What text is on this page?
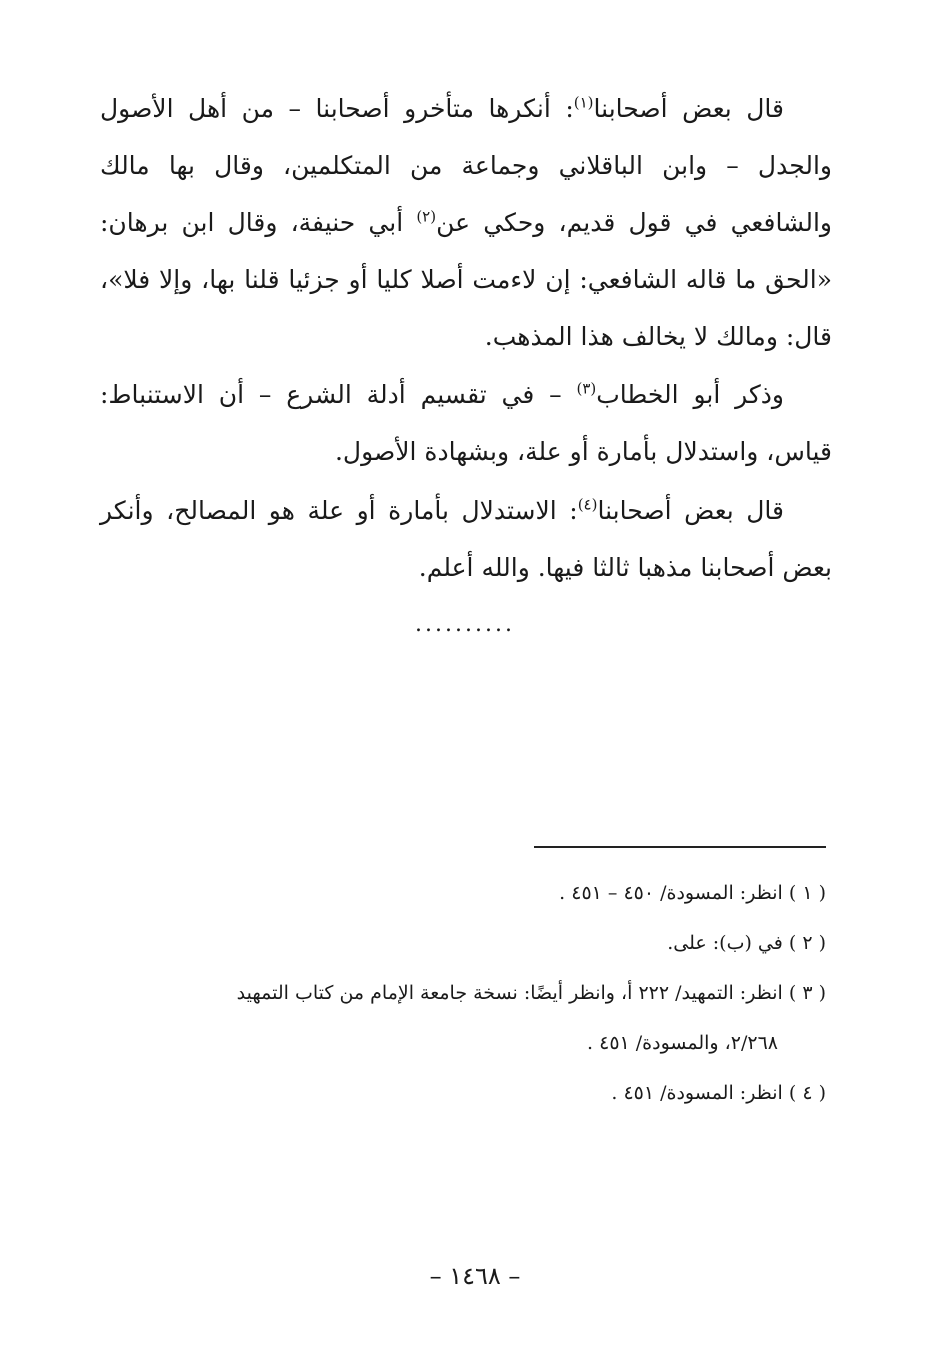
قال بعض أصحابنا$^{(١)}$: أنكرها متأخرو أصحابنا – من أهل الأصول والجدل – وابن الباقلاني وجماعة من المتكلمين، وقال بها مالك والشافعي في قول قديم، وحكي عن$^{(٢)}$ أبي حنيفة، وقال ابن برهان: «الحق ما قاله الشافعي: إن لاءمت أصلا كليا أو جزئيا قلنا بها، وإلا فلا»، قال: ومالك لا يخالف هذا المذهب.

وذكر أبو الخطاب$^{(٣)}$ – في تقسيم أدلة الشرع – أن الاستنباط: قياس، واستدلال بأمارة أو علة، وبشهادة الأصول.

قال بعض أصحابنا$^{(٤)}$: الاستدلال بأمارة أو علة هو المصالح، وأنكر بعض أصحابنا مذهبا ثالثا فيها. والله أعلم.

..........

( ١ ) انظر: المسودة/ ٤٥٠ – ٤٥١ .

( ٢ ) في (ب): على.

( ٣ ) انظر: التمهيد/ ٢٢٢ أ، وانظر أيضًا: نسخة جامعة الإمام من كتاب التمهيد

٢/٢٦٨، والمسودة/ ٤٥١ .

( ٤ ) انظر: المسودة/ ٤٥١ .

– ١٤٦٨ –
